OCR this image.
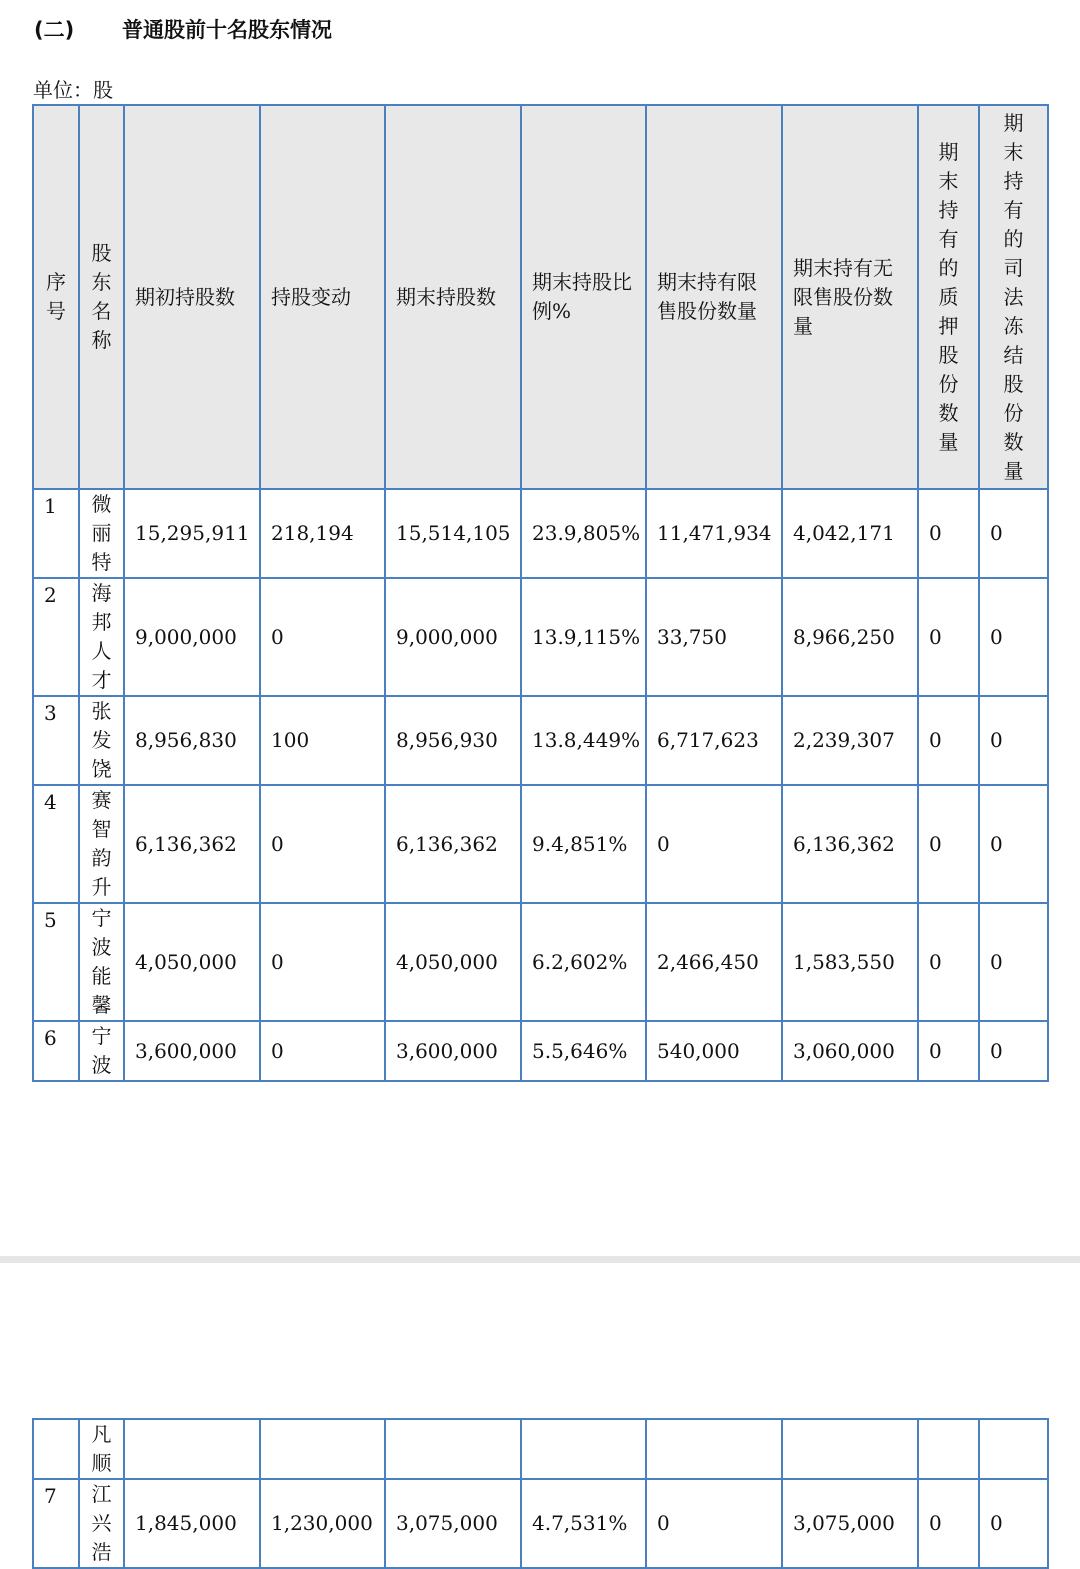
(二) 普通股前十名股东情况
单位：股
序号	股东名称	期初持股数	持股变动	期末持股数	期末持股比例%	期末持有限售股份数量	期末持有无限售股份数量	期末持有的质押股份数量	期末持有的司法冻结股份数量

1	微丽特	15,295,911	218,194	15,514,105	23.9,805%	11,471,934	4,042,171	0	0
2	海邦人才	9,000,000	0	9,000,000	13.9,115%	33,750	8,966,250	0	0
3	张发饶	8,956,830	100	8,956,930	13.8,449%	6,717,623	2,239,307	0	0
4	赛智韵升	6,136,362	0	6,136,362	9.4,851%	0	6,136,362	0	0
5	宁波能馨	4,050,000	0	4,050,000	6.2,602%	2,466,450	1,583,550	0	0
6	宁波	3,600,000	0	3,600,000	5.5,646%	540,000	3,060,000	0	0

	凡顺								

7	江兴浩	1,845,000	1,230,000	3,075,000	4.7,531%	0	3,075,000	0	0
